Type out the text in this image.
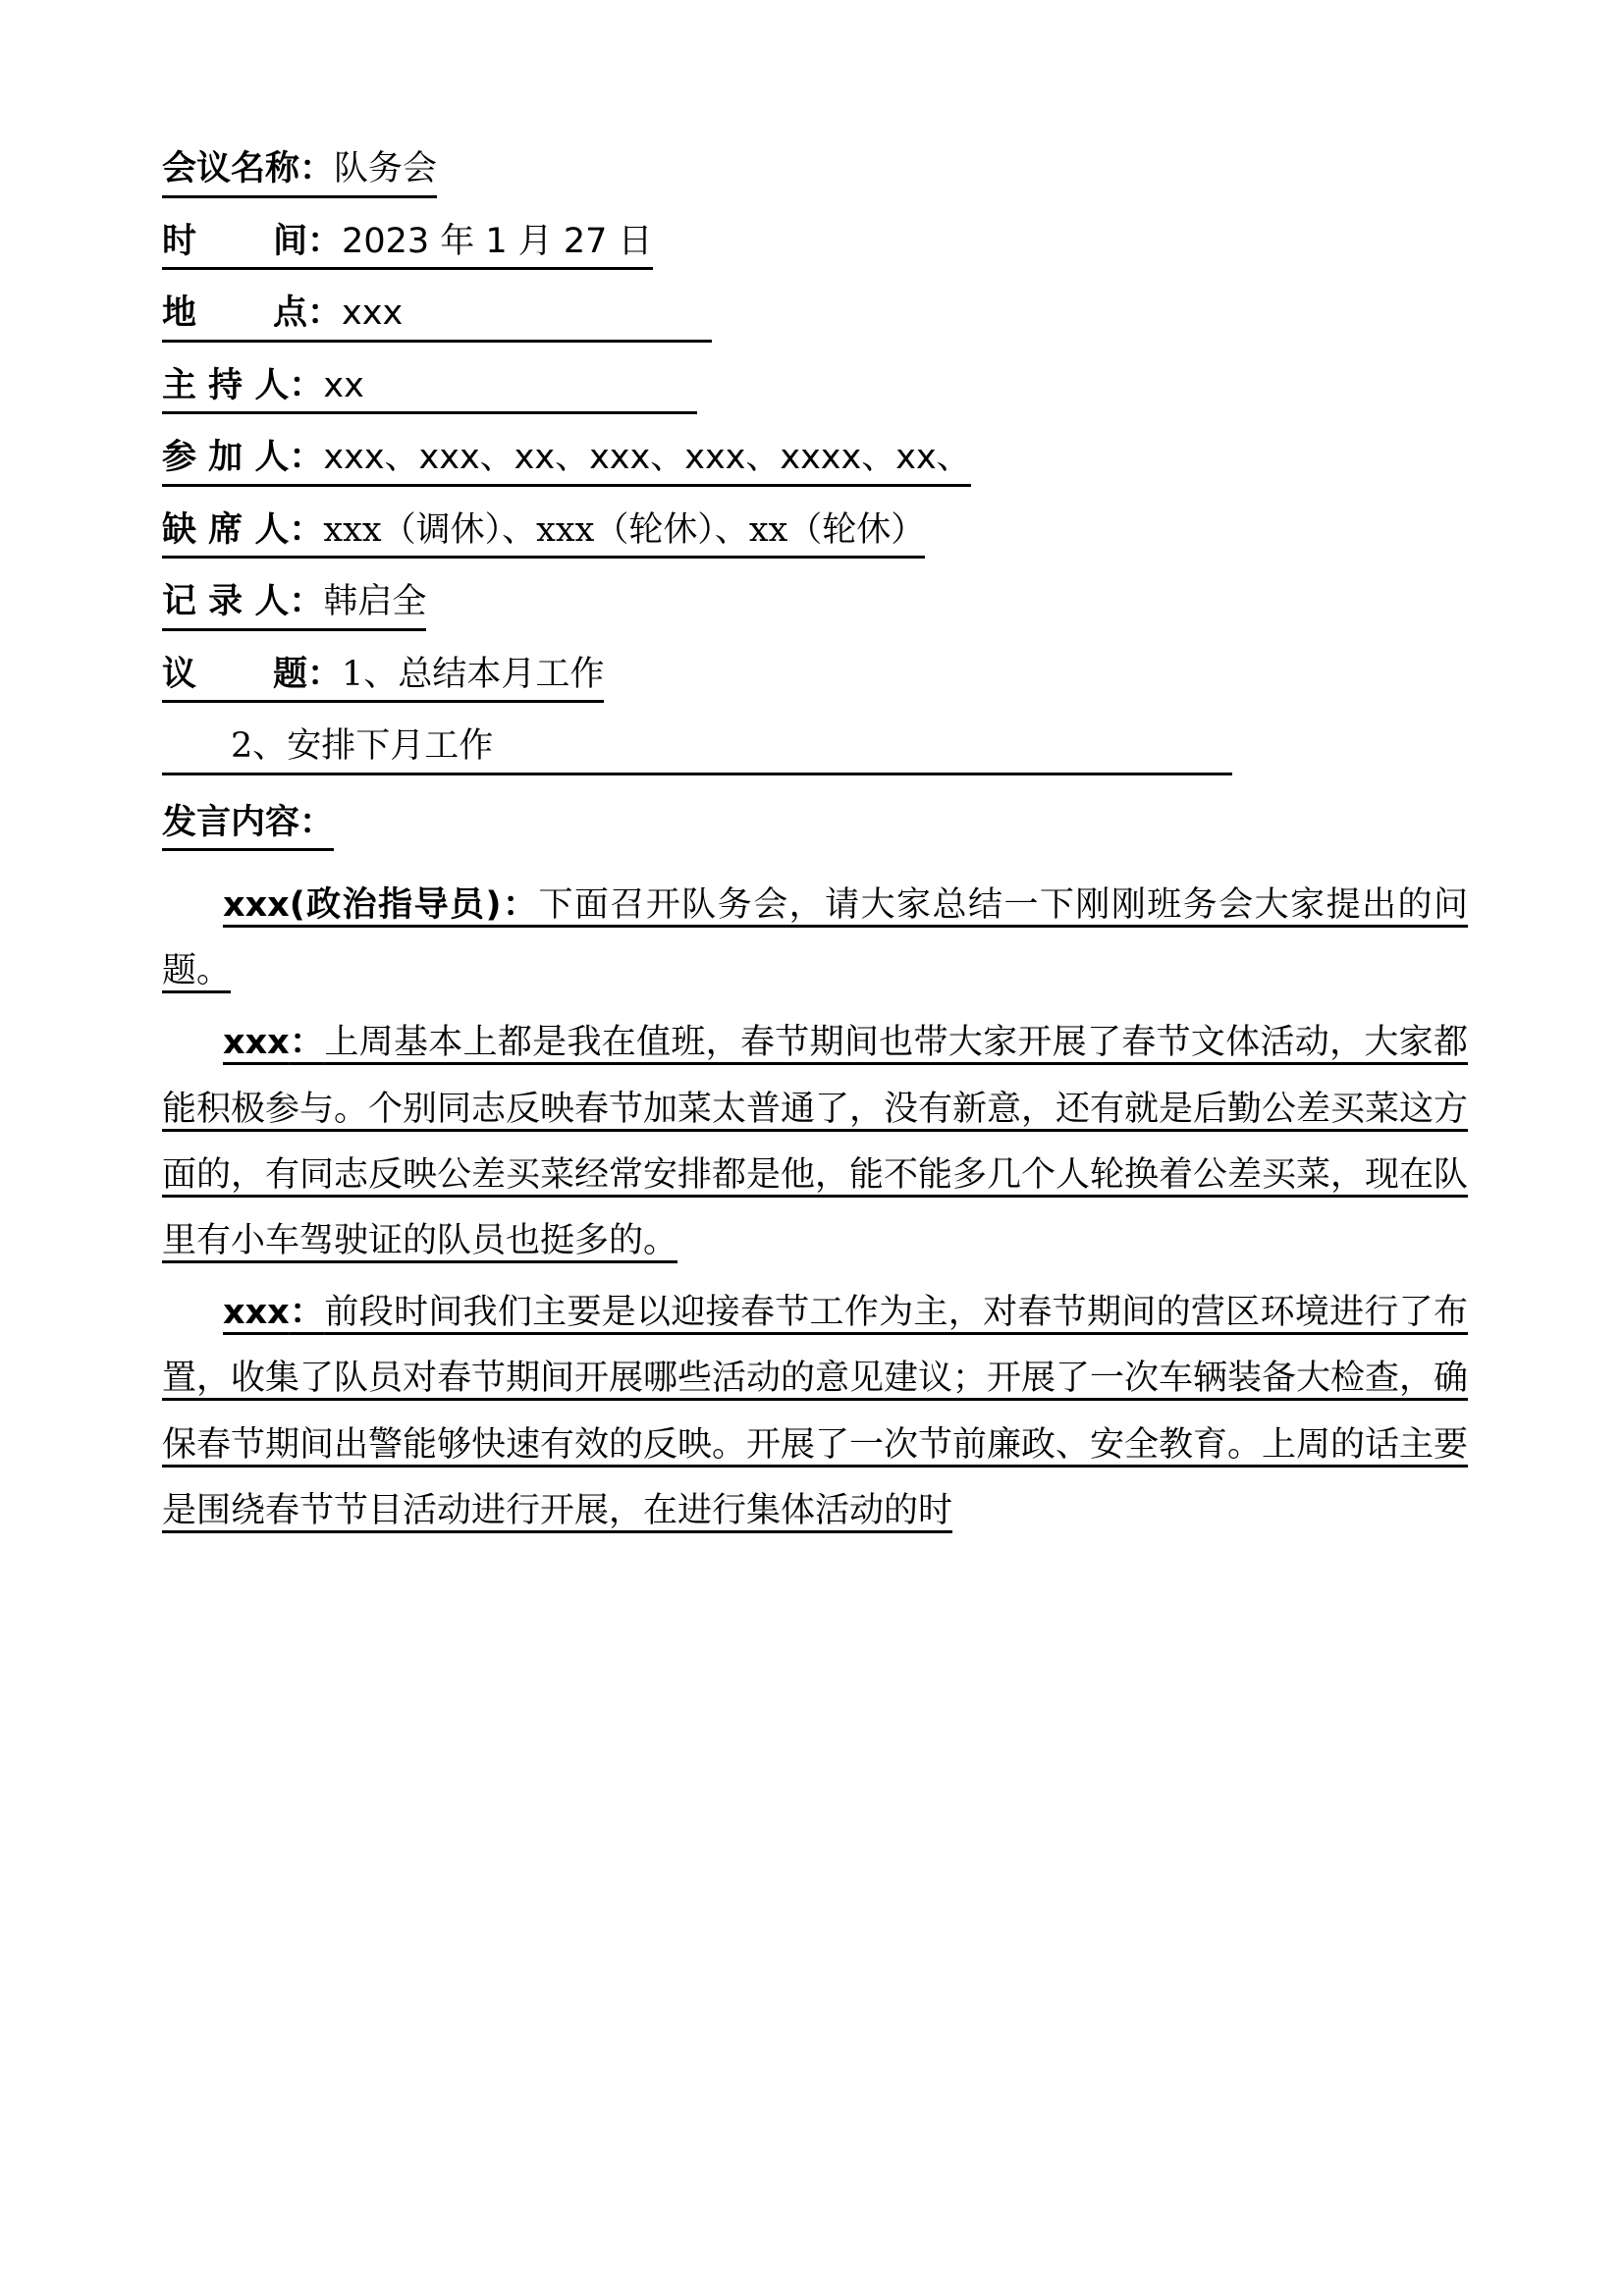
会议名称：队务会
时 间：2023 年 1 月 27 日
地 点：xxx
主 持 人：xx
参 加 人：xxx、xxx、xx、xxx、xxx、xxxx、xx、
缺 席 人：xxx（调休）、xxx（轮休）、xx（轮休）
记 录 人：韩启全
议 题：1、总结本月工作
2、安排下月工作
发言内容：

xxx(政治指导员)：下面召开队务会，请大家总结一下刚刚班务会大家提出的问题。

xxx：上周基本上都是我在值班，春节期间也带大家开展了春节文体活动，大家都能积极参与。个别同志反映春节加菜太普通了，没有新意，还有就是后勤公差买菜这方面的，有同志反映公差买菜经常安排都是他，能不能多几个人轮换着公差买菜，现在队里有小车驾驶证的队员也挺多的。

xxx：前段时间我们主要是以迎接春节工作为主，对春节期间的营区环境进行了布置，收集了队员对春节期间开展哪些活动的意见建议；开展了一次车辆装备大检查，确保春节期间出警能够快速有效的反映。开展了一次节前廉政、安全教育。上周的话主要是围绕春节节目活动进行开展，在进行集体活动的时
